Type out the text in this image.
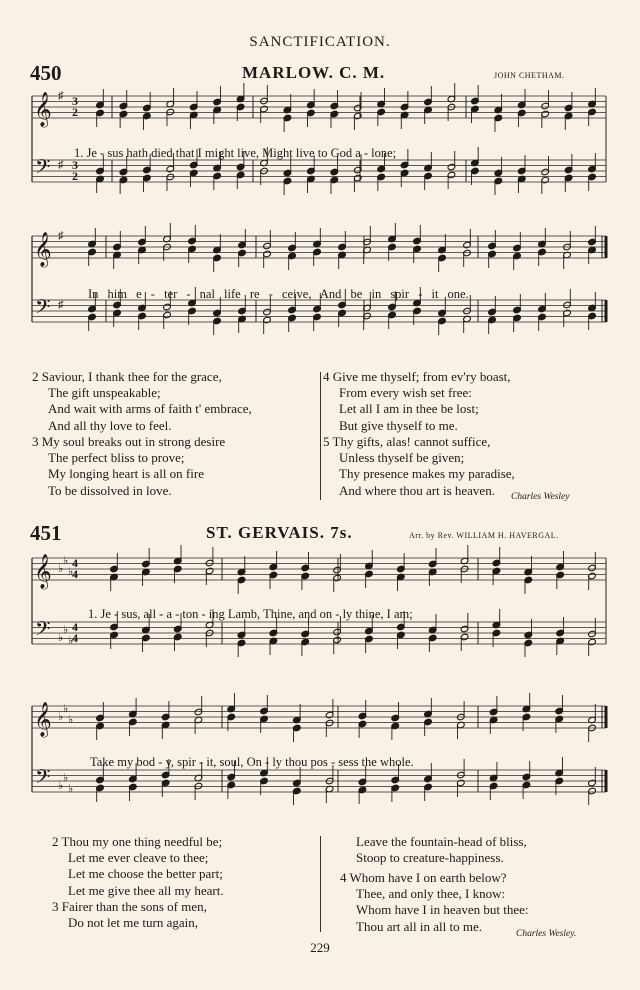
SANCTIFICATION.
450	MARLOW. C. M.	JOHN CHETHAM.
𝄞
𝄢
♯
♯
3
2
3
2
1. Je - sus hath died that I might live, Might live to God a - lone;
𝄞
𝄢
♯
♯
In him e - ter - nal life re - ceive, And be in spir - it one.
2 Saviour, I thank thee for the grace,
The gift unspeakable;
And wait with arms of faith t' embrace,
And all thy love to feel.
3 My soul breaks out in strong desire
The perfect bliss to prove;
My longing heart is all on fire
To be dissolved in love.
4 Give me thyself; from ev'ry boast,
From every wish set free:
Let all I am in thee be lost;
But give thyself to me.
5 Thy gifts, alas! cannot suffice,
Unless thyself be given;
Thy presence makes my paradise,
And where thou art is heaven.	Charles Wesley
451	ST. GERVAIS. 7s.	Arr. by Rev. WILLIAM H. HAVERGAL.
𝄞
𝄢
♭
♭
♭
♭
♭
♭
4
4
4
4
1. Je - sus, all - a - ton - ing Lamb, Thine, and on - ly thine, I am;
𝄞
𝄢
♭
♭
♭
♭
♭
♭
Take my bod - y, spir - it, soul, On - ly thou pos - sess the whole.
2 Thou my one thing needful be;
Let me ever cleave to thee;
Let me choose the better part;
Let me give thee all my heart.
3 Fairer than the sons of men,
Do not let me turn again,
Leave the fountain-head of bliss,
Stoop to creature-happiness.
4 Whom have I on earth below?
Thee, and only thee, I know:
Whom have I in heaven but thee:
Thou art all in all to me.
Charles Wesley.
229
